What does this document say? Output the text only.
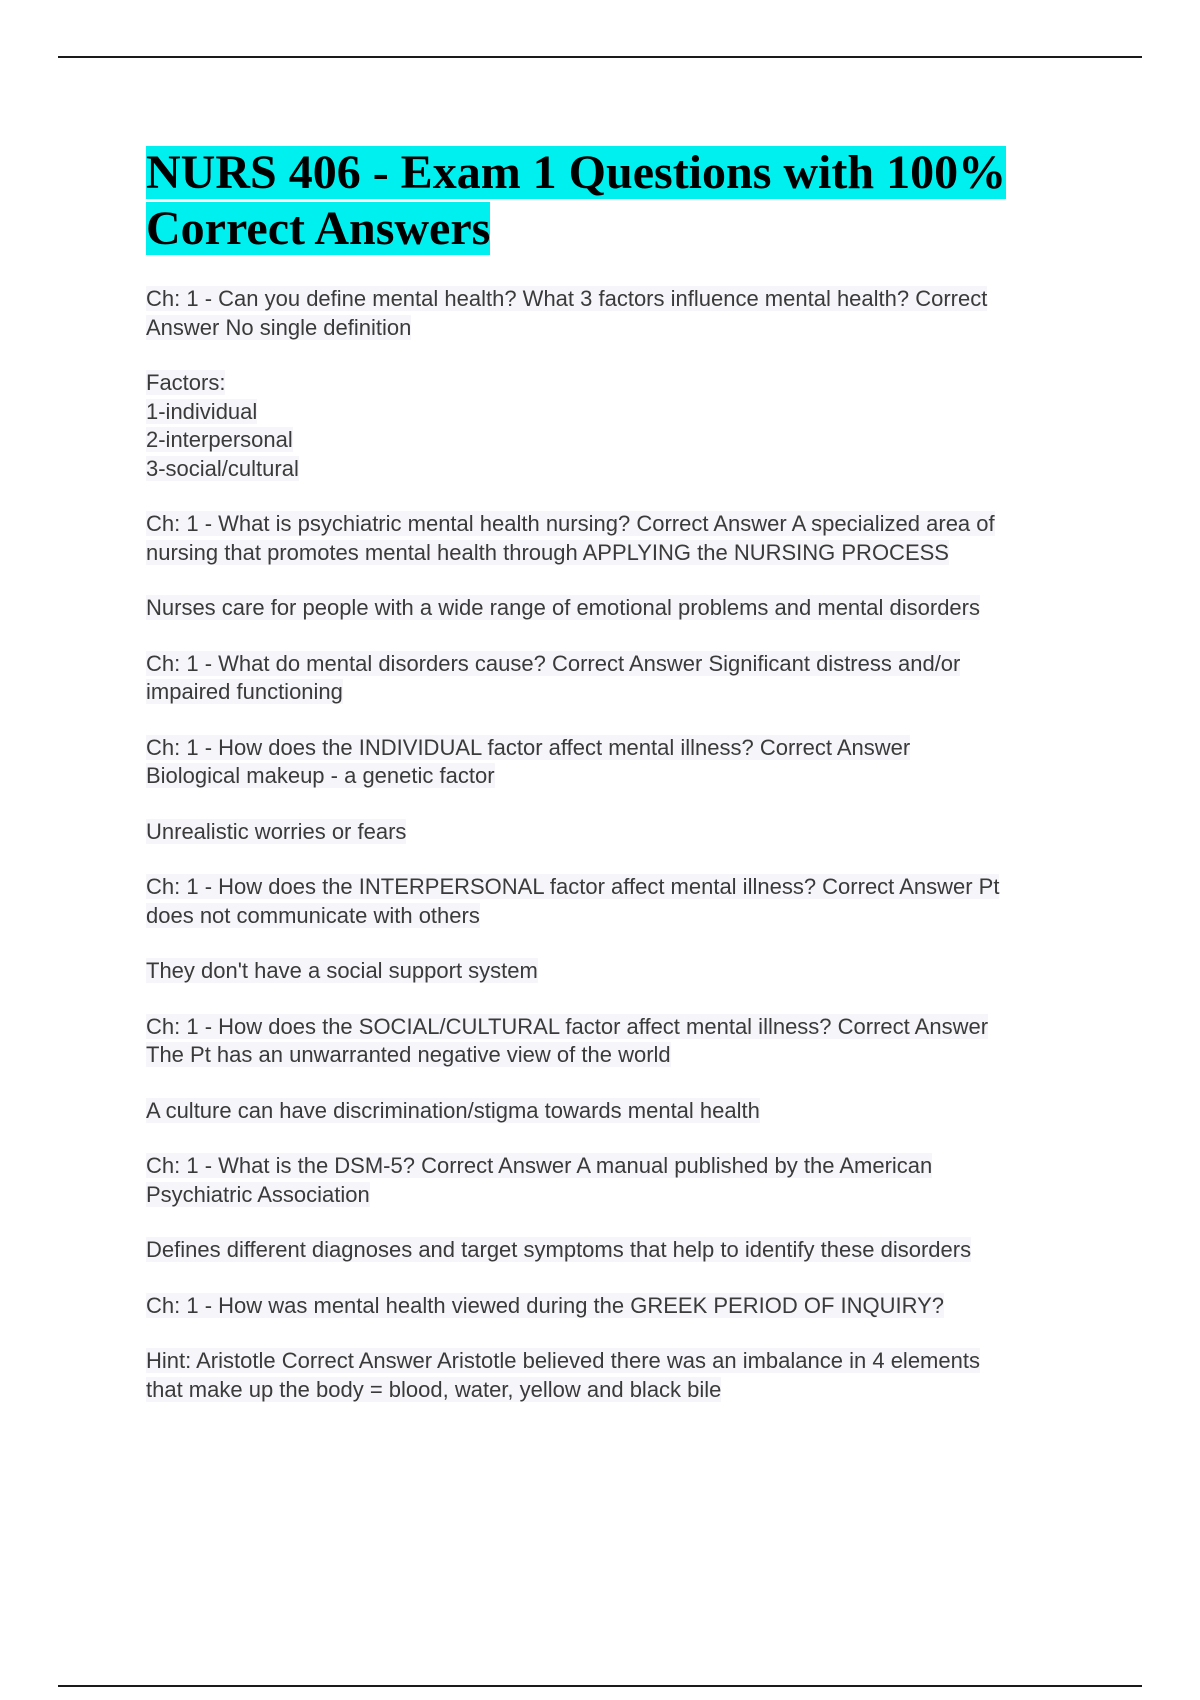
NURS 406 - Exam 1 Questions with 100%
Correct Answers

Ch: 1 - Can you define mental health? What 3 factors influence mental health? Correct
Answer No single definition

Factors:
1-individual
2-interpersonal
3-social/cultural

Ch: 1 - What is psychiatric mental health nursing? Correct Answer A specialized area of
nursing that promotes mental health through APPLYING the NURSING PROCESS

Nurses care for people with a wide range of emotional problems and mental disorders

Ch: 1 - What do mental disorders cause? Correct Answer Significant distress and/or
impaired functioning

Ch: 1 - How does the INDIVIDUAL factor affect mental illness? Correct Answer
Biological makeup - a genetic factor

Unrealistic worries or fears

Ch: 1 - How does the INTERPERSONAL factor affect mental illness? Correct Answer Pt
does not communicate with others

They don't have a social support system

Ch: 1 - How does the SOCIAL/CULTURAL factor affect mental illness? Correct Answer
The Pt has an unwarranted negative view of the world

A culture can have discrimination/stigma towards mental health

Ch: 1 - What is the DSM-5? Correct Answer A manual published by the American
Psychiatric Association

Defines different diagnoses and target symptoms that help to identify these disorders

Ch: 1 - How was mental health viewed during the GREEK PERIOD OF INQUIRY?

Hint: Aristotle Correct Answer Aristotle believed there was an imbalance in 4 elements
that make up the body = blood, water, yellow and black bile
